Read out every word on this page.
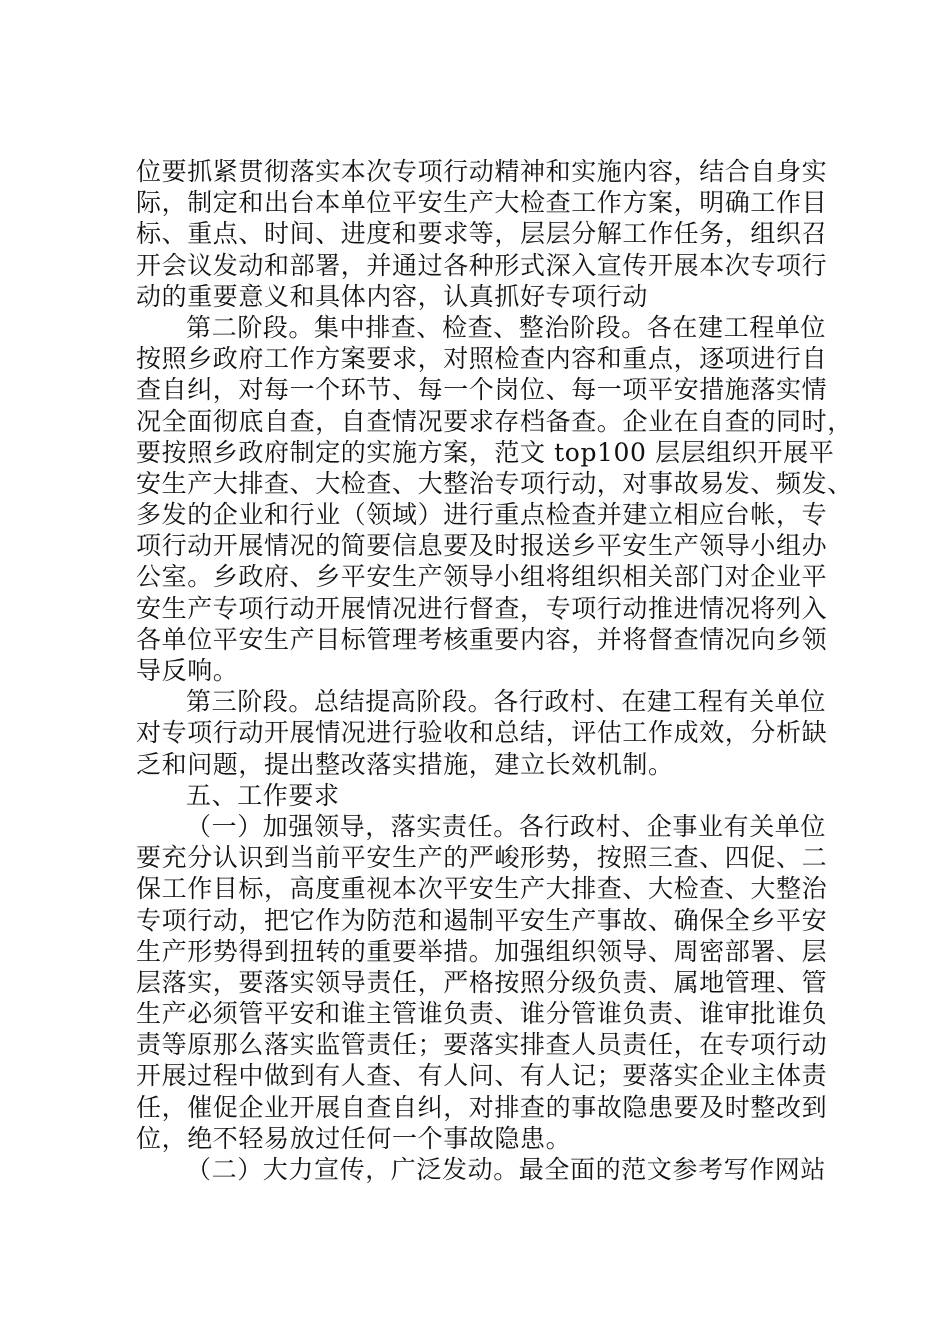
位要抓紧贯彻落实本次专项行动精神和实施内容，结合自身实
际，制定和出台本单位平安生产大检查工作方案，明确工作目
标、重点、时间、进度和要求等，层层分解工作任务，组织召
开会议发动和部署，并通过各种形式深入宣传开展本次专项行
动的重要意义和具体内容，认真抓好专项行动
第二阶段。集中排查、检查、整治阶段。各在建工程单位
按照乡政府工作方案要求，对照检查内容和重点，逐项进行自
查自纠，对每一个环节、每一个岗位、每一项平安措施落实情
况全面彻底自查，自查情况要求存档备查。企业在自查的同时，
要按照乡政府制定的实施方案，范文 top100 层层组织开展平
安生产大排查、大检查、大整治专项行动，对事故易发、频发、
多发的企业和行业（领域）进行重点检查并建立相应台帐，专
项行动开展情况的简要信息要及时报送乡平安生产领导小组办
公室。乡政府、乡平安生产领导小组将组织相关部门对企业平
安生产专项行动开展情况进行督查，专项行动推进情况将列入
各单位平安生产目标管理考核重要内容，并将督查情况向乡领
导反响。
第三阶段。总结提高阶段。各行政村、在建工程有关单位
对专项行动开展情况进行验收和总结，评估工作成效，分析缺
乏和问题，提出整改落实措施，建立长效机制。
五、工作要求
（一）加强领导，落实责任。各行政村、企事业有关单位
要充分认识到当前平安生产的严峻形势，按照三查、四促、二
保工作目标，高度重视本次平安生产大排查、大检查、大整治
专项行动，把它作为防范和遏制平安生产事故、确保全乡平安
生产形势得到扭转的重要举措。加强组织领导、周密部署、层
层落实，要落实领导责任，严格按照分级负责、属地管理、管
生产必须管平安和谁主管谁负责、谁分管谁负责、谁审批谁负
责等原那么落实监管责任；要落实排查人员责任，在专项行动
开展过程中做到有人查、有人问、有人记；要落实企业主体责
任，催促企业开展自查自纠，对排查的事故隐患要及时整改到
位，绝不轻易放过任何一个事故隐患。
（二）大力宣传，广泛发动。最全面的范文参考写作网站
